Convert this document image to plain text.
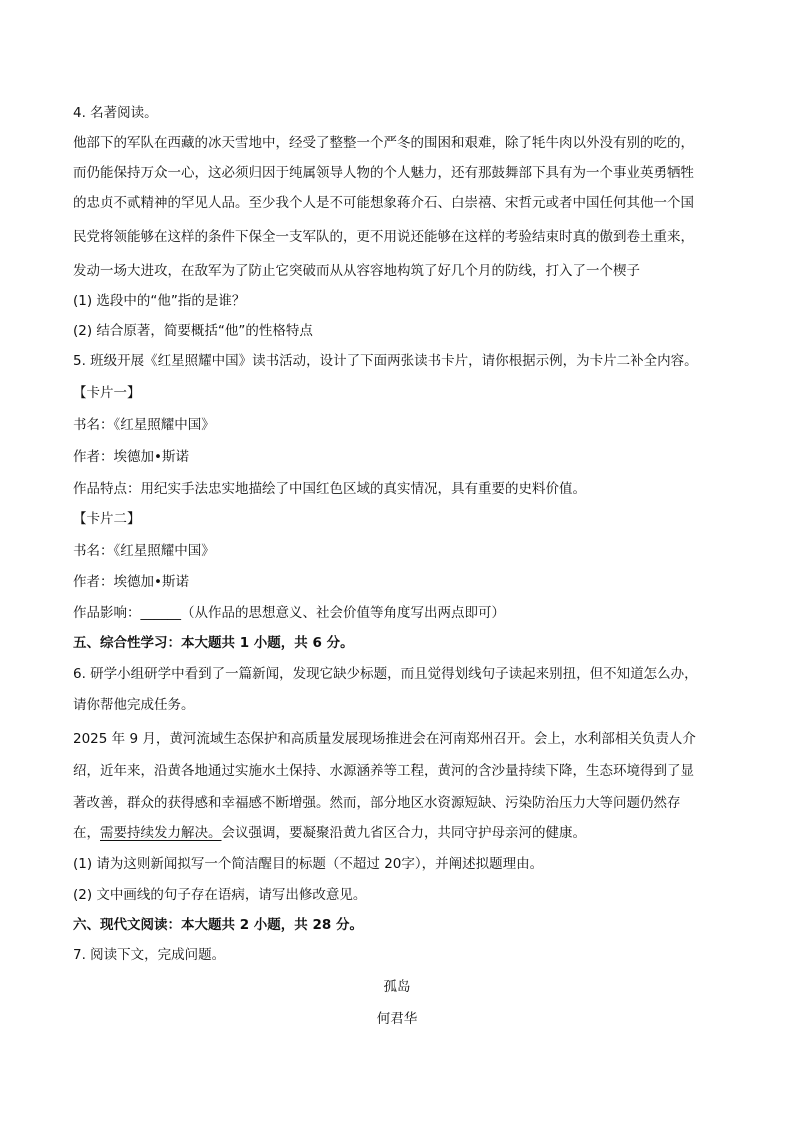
4. 名著阅读。
他部下的军队在西藏的冰天雪地中，经受了整整一个严冬的围困和艰难，除了牦牛肉以外没有别的吃的，
而仍能保持万众一心，这必须归因于纯属领导人物的个人魅力，还有那鼓舞部下具有为一个事业英勇牺牲
的忠贞不贰精神的罕见人品。至少我个人是不可能想象蒋介石、白崇禧、宋哲元或者中国任何其他一个国
民党将领能够在这样的条件下保全一支军队的，更不用说还能够在这样的考验结束时真的傲到卷土重来，
发动一场大进攻，在敌军为了防止它突破而从从容容地构筑了好几个月的防线，打入了一个楔子
(1) 选段中的“他”指的是谁？
(2) 结合原著，简要概括“他”的性格特点
5. 班级开展《红星照耀中国》读书活动，设计了下面两张读书卡片，请你根据示例，为卡片二补全内容。
【卡片一】
书名：《红星照耀中国》
作者：埃德加•斯诺
作品特点：用纪实手法忠实地描绘了中国红色区域的真实情况，具有重要的史料价值。
【卡片二】
书名：《红星照耀中国》
作者：埃德加•斯诺
作品影响：______（从作品的思想意义、社会价值等角度写出两点即可）
五、综合性学习：本大题共 1 小题，共 6 分。
6. 研学小组研学中看到了一篇新闻，发现它缺少标题，而且觉得划线句子读起来别扭，但不知道怎么办，
请你帮他完成任务。
2025 年 9 月，黄河流域生态保护和高质量发展现场推进会在河南郑州召开。会上，水利部相关负责人介
绍，近年来，沿黄各地通过实施水土保持、水源涵养等工程，黄河的含沙量持续下降，生态环境得到了显
著改善，群众的获得感和幸福感不断增强。然而，部分地区水资源短缺、污染防治压力大等问题仍然存
在，需要持续发力解决。会议强调，要凝聚沿黄九省区合力，共同守护母亲河的健康。
(1) 请为这则新闻拟写一个简洁醒目的标题（不超过 20字），并阐述拟题理由。
(2) 文中画线的句子存在语病，请写出修改意见。
六、现代文阅读：本大题共 2 小题，共 28 分。
7. 阅读下文，完成问题。
孤岛
何君华
